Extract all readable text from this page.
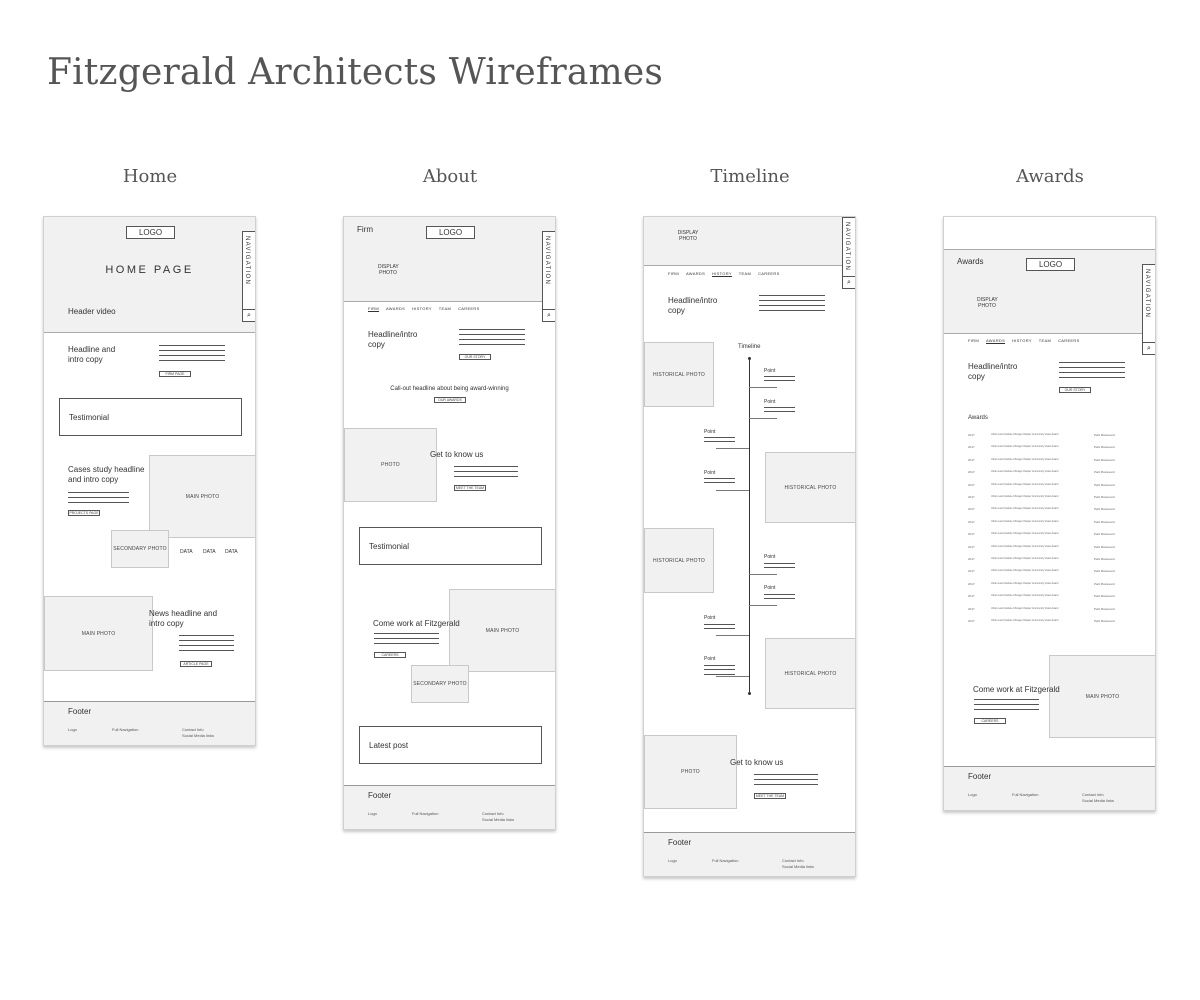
Fitzgerald Architects Wireframes
Home	About	Timeline	Awards
LOGO
HOME PAGE
Header video
NAVIGATION
⌕
Headline and intro copy
FIRM PAGE
Testimonial
MAIN PHOTO
Cases study headline and intro copy
PROJECTS PAGE
SECONDARY PHOTO	DATA DATA DATA
MAIN PHOTO
News headline and intro copy
ARTICLE PAGE
Footer
Logo	Full Navigation	Contact Info
Social Media links
Firm	LOGO
DISPLAY PHOTO	NAVIGATION
⌕
FIRM AWARDS HISTORY TEAM CAREERS
Headline/intro copy
OUR STORY
Call-out headline about being award-winning
OUR AWARDS
PHOTO
Get to know us
MEET THE TEAM
Testimonial
MAIN PHOTO
Come work at Fitzgerald
CAREERS
SECONDARY PHOTO
Latest post
Footer
Logo	Full Navigation	Contact Info
Social Media links
DISPLAY PHOTO	NAVIGATION
⌕
FIRM AWARDS HISTORY TEAM CAREERS
Headline/intro copy
Timeline
HISTORICAL PHOTO
HISTORICAL PHOTO
HISTORICAL PHOTO
HISTORICAL PHOTO
Point
Point
Point
Point
Point
Point
Point
Point
PHOTO
Get to know us
MEET THE TEAM
Footer
Logo	Full Navigation	Contact Info
Social Media links
Awards	LOGO
DISPLAY PHOTO	NAVIGATION
⌕
FIRM AWARDS HISTORY TEAM CAREERS
Headline/intro copy
OUR STORY
Awards
2017	Urban Land Institute Chicago Chapter Community Vision Award	Park Boulevard
2017	Urban Land Institute Chicago Chapter Community Vision Award	Park Boulevard
2017	Urban Land Institute Chicago Chapter Community Vision Award	Park Boulevard
2017	Urban Land Institute Chicago Chapter Community Vision Award	Park Boulevard
2017	Urban Land Institute Chicago Chapter Community Vision Award	Park Boulevard
2017	Urban Land Institute Chicago Chapter Community Vision Award	Park Boulevard
2017	Urban Land Institute Chicago Chapter Community Vision Award	Park Boulevard
2017	Urban Land Institute Chicago Chapter Community Vision Award	Park Boulevard
2017	Urban Land Institute Chicago Chapter Community Vision Award	Park Boulevard
2017	Urban Land Institute Chicago Chapter Community Vision Award	Park Boulevard
2017	Urban Land Institute Chicago Chapter Community Vision Award	Park Boulevard
2017	Urban Land Institute Chicago Chapter Community Vision Award	Park Boulevard
2017	Urban Land Institute Chicago Chapter Community Vision Award	Park Boulevard
2017	Urban Land Institute Chicago Chapter Community Vision Award	Park Boulevard
2017	Urban Land Institute Chicago Chapter Community Vision Award	Park Boulevard
2017	Urban Land Institute Chicago Chapter Community Vision Award	Park Boulevard
MAIN PHOTO
Come work at Fitzgerald
CAREERS
Footer
Logo	Full Navigation	Contact Info
Social Media links
